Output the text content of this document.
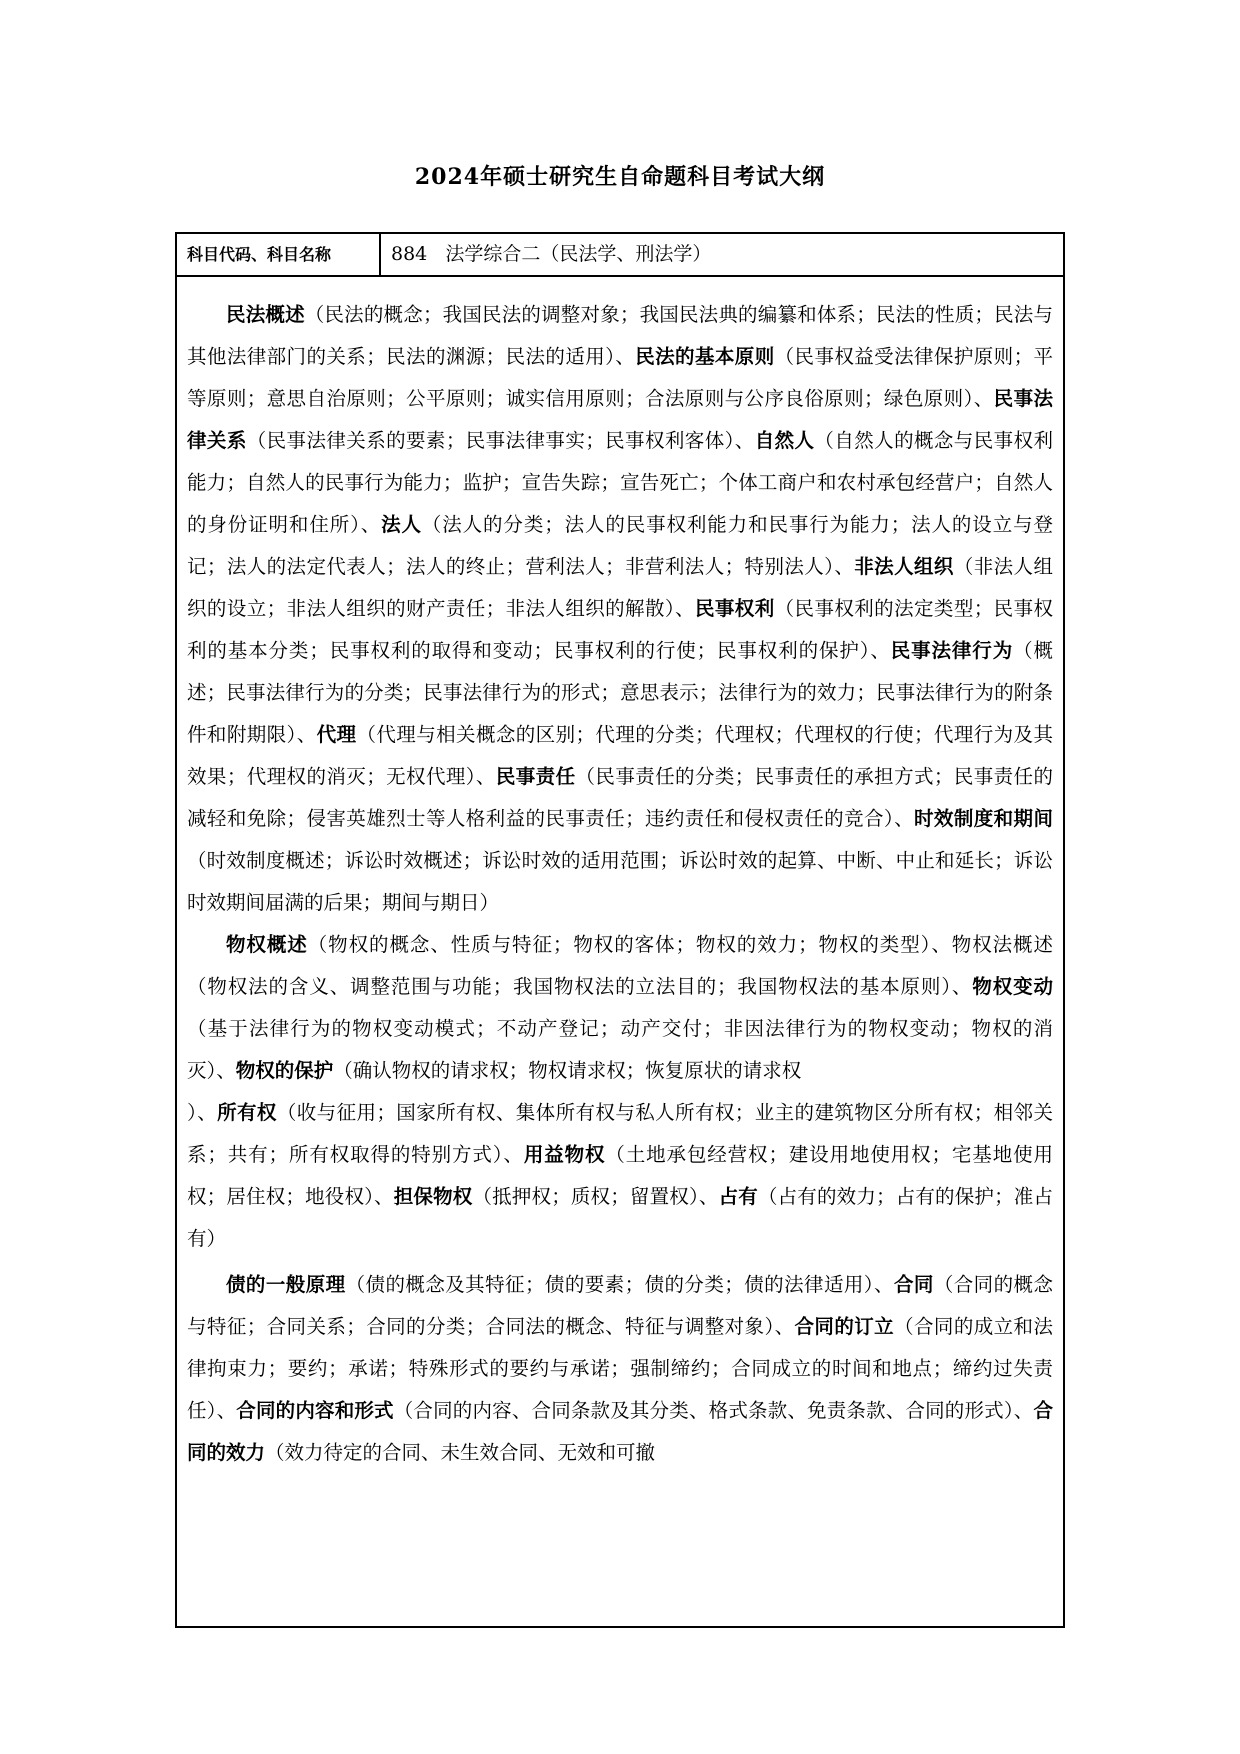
2024年硕士研究生自命题科目考试大纲
科目代码、科目名称	884 法学综合二（民法学、刑法学）

民法概述（民法的概念；我国民法的调整对象；我国民法典的编纂和体系；民法的性质；民法与其他法律部门的关系；民法的渊源；民法的适用）、民法的基本原则（民事权益受法律保护原则；平等原则；意思自治原则；公平原则；诚实信用原则；合法原则与公序良俗原则；绿色原则）、民事法律关系（民事法律关系的要素；民事法律事实；民事权利客体）、自然人（自然人的概念与民事权利能力；自然人的民事行为能力；监护；宣告失踪；宣告死亡；个体工商户和农村承包经营户；自然人的身份证明和住所）、法人（法人的分类；法人的民事权利能力和民事行为能力；法人的设立与登记；法人的法定代表人；法人的终止；营利法人；非营利法人；特别法人）、非法人组织（非法人组织的设立；非法人组织的财产责任；非法人组织的解散）、民事权利（民事权利的法定类型；民事权利的基本分类；民事权利的取得和变动；民事权利的行使；民事权利的保护）、民事法律行为（概述；民事法律行为的分类；民事法律行为的形式；意思表示；法律行为的效力；民事法律行为的附条件和附期限）、代理（代理与相关概念的区别；代理的分类；代理权；代理权的行使；代理行为及其效果；代理权的消灭；无权代理）、民事责任（民事责任的分类；民事责任的承担方式；民事责任的减轻和免除；侵害英雄烈士等人格利益的民事责任；违约责任和侵权责任的竞合）、时效制度和期间（时效制度概述；诉讼时效概述；诉讼时效的适用范围；诉讼时效的起算、中断、中止和延长；诉讼时效期间届满的后果；期间与期日）

物权概述（物权的概念、性质与特征；物权的客体；物权的效力；物权的类型）、物权法概述（物权法的含义、调整范围与功能；我国物权法的立法目的；我国物权法的基本原则）、物权变动（基于法律行为的物权变动模式；不动产登记；动产交付；非因法律行为的物权变动；物权的消灭）、物权的保护（确认物权的请求权；物权请求权；恢复原状的请求权

）、所有权（收与征用；国家所有权、集体所有权与私人所有权；业主的建筑物区分所有权；相邻关系；共有；所有权取得的特别方式）、用益物权（土地承包经营权；建设用地使用权；宅基地使用权；居住权；地役权）、担保物权（抵押权；质权；留置权）、占有（占有的效力；占有的保护；准占有）

债的一般原理（债的概念及其特征；债的要素；债的分类；债的法律适用）、合同（合同的概念与特征；合同关系；合同的分类；合同法的概念、特征与调整对象）、合同的订立（合同的成立和法律拘束力；要约；承诺；特殊形式的要约与承诺；强制缔约；合同成立的时间和地点；缔约过失责任）、合同的内容和形式（合同的内容、合同条款及其分类、格式条款、免责条款、合同的形式）、合同的效力（效力待定的合同、未生效合同、无效和可撤
